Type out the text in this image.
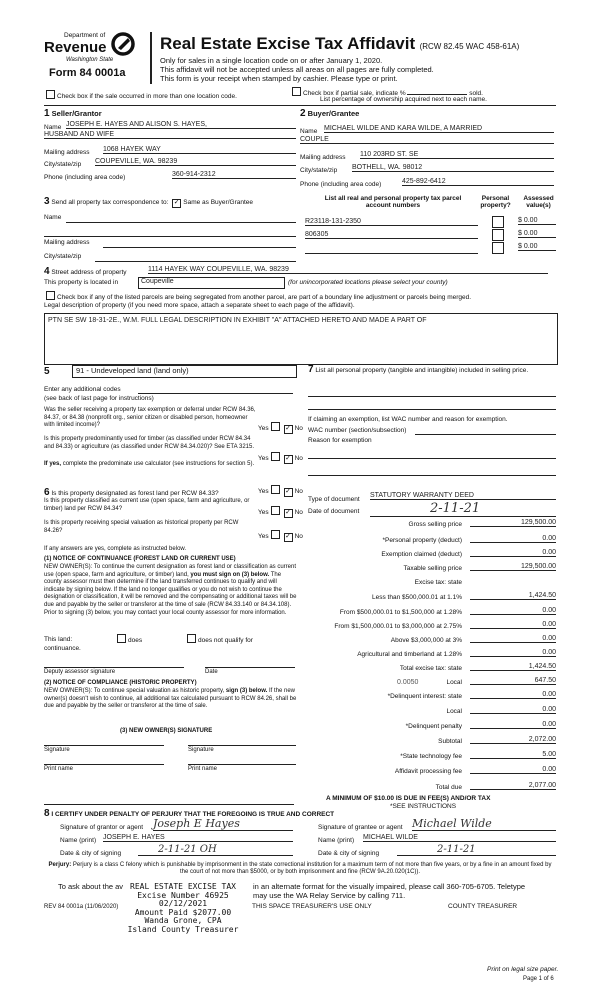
Department of
Revenue
Washington State
Form 84 0001a
Real Estate Excise Tax Affidavit (RCW 82.45 WAC 458-61A)
Only for sales in a single location code on or after January 1, 2020.
This affidavit will not be accepted unless all areas on all pages are fully completed.
This form is your receipt when stamped by cashier. Please type or print.
Check box if the sale occurred in more than one location code.	Check box if partial sale, indicate %	sold.
List percentage of ownership acquired next to each name.
1 Seller/Grantor
Name JOSEPH E. HAYES AND ALISON S. HAYES,
HUSBAND AND WIFE
Mailing address 1068 HAYEK WAY
City/state/zip COUPEVILLE, WA. 98239
Phone (including area code)	360-914-2312
2 Buyer/Grantee
Name MICHAEL WILDE AND KARA WILDE, A MARRIED
COUPLE
Mailing address 110 203RD ST. SE
City/state/zip BOTHELL, WA. 98012
Phone (including area code)	425-892-6412
3 Send all property tax correspondence to: ✓ Same as Buyer/Grantee
Name
Mailing address
City/state/zip
List all real and personal property tax parcel account numbers
Personal property?
Assessed value(s)
R23118-131-2350	$ 0.00
806305	$ 0.00
$ 0.00
4 Street address of property	1114 HAYEK WAY COUPEVILLE, WA. 98239
This property is located in	Coupeville	(for unincorporated locations please select your county)
Check box if any of the listed parcels are being segregated from another parcel, are part of a boundary line adjustment or parcels being merged.
Legal description of property (if you need more space, attach a separate sheet to each page of the affidavit).
PTN SE SW 18-31-2E., W.M. FULL LEGAL DESCRIPTION IN EXHIBIT "A" ATTACHED HERETO AND MADE A PART OF
5	91 - Undeveloped land (land only)
Enter any additional codes
(see back of last page for instructions)
Was the seller receiving a property tax exemption or deferral under RCW 84.36, 84.37, or 84.38 (nonprofit org., senior citizen or disabled person, homeowner with limited income)?	Yes ✓	No
Is this property predominantly used for timber (as classified under RCW 84.34 and 84.33) or agriculture (as classified under RCW 84.34.020)? See ETA 3215.
Yes ✓	No
If yes, complete the predominate use calculator (see instructions for section 5).
6 Is this property designated as forest land per RCW 84.33?	Yes ✓	No
Is this property classified as current use (open space, farm and agriculture, or timber) land per RCW 84.34?
Yes ✓	No
Is this property receiving special valuation as historical property per RCW 84.26?
Yes ✓	No
If any answers are yes, complete as instructed below.
(1) NOTICE OF CONTINUANCE (FOREST LAND OR CURRENT USE)
NEW OWNER(S): To continue the current designation as forest land or classification as current use (open space, farm and agriculture, or timber) land, you must sign on (3) below. The county assessor must then determine if the land transferred continues to qualify and will indicate by signing below. If the land no longer qualifies or you do not wish to continue the designation or classification, it will be removed and the compensating or additional taxes will be due and payable by the seller or transferor at the time of sale (RCW 84.33.140 or 84.34.108). Prior to signing (3) below, you may contact your local county assessor for more information.
This land:	does	does not qualify for
continuance.
Deputy assessor signature	Date
(2) NOTICE OF COMPLIANCE (HISTORIC PROPERTY)
NEW OWNER(S): To continue special valuation as historic property, sign (3) below. If the new owner(s) doesn't wish to continue, all additional tax calculated pursuant to RCW 84.26, shall be due and payable by the seller or transferor at the time of sale.
(3) NEW OWNER(S) SIGNATURE
Signature	Signature
Print name	Print name
7 List all personal property (tangible and intangible) included in selling price.
If claiming an exemption, list WAC number and reason for exemption.
WAC number (section/subsection)
Reason for exemption
Type of document
STATUTORY WARRANTY DEED
Date of document	2-11-21
Gross selling price	129,500.00
*Personal property (deduct)	0.00
Exemption claimed (deduct)	0.00
Taxable selling price	129,500.00
Excise tax: state
Less than $500,000.01 at 1.1%	1,424.50
From $500,000.01 to $1,500,000 at 1.28%	0.00
From $1,500,000.01 to $3,000,000 at 2.75%	0.00
Above $3,000,000 at 3%	0.00
Agricultural and timberland at 1.28%	0.00
Total excise tax: state	1,424.50
0.0050	Local	647.50
*Delinquent interest: state	0.00
Local	0.00
*Delinquent penalty	0.00
Subtotal	2,072.00
*State technology fee	5.00
Affidavit processing fee	0.00
Total due	2,077.00
A MINIMUM OF $10.00 IS DUE IN FEE(S) AND/OR TAX
*SEE INSTRUCTIONS
8 I CERTIFY UNDER PENALTY OF PERJURY THAT THE FOREGOING IS TRUE AND CORRECT
Signature of grantor or agent Joseph E Hayes
Name (print) JOSEPH E. HAYES
Date & city of signing	2-11-21 OH
Signature of grantee or agent Michael Wilde
Name (print) MICHAEL WILDE
Date & city of signing	2-11-21
Perjury: Perjury is a class C felony which is punishable by imprisonment in the state correctional institution for a maximum term of not more than five years, or by a fine in an amount fixed by the court of not more than $5000, or by both imprisonment and fine (RCW 9A.20.020(1C)).
To ask about the av	in an alternate format for the visually impaired, please call 360-705-6705. Teletype
may use the WA Relay Service by calling 711.
REAL ESTATE EXCISE TAX
Excise Number 46925
02/12/2021
Amount Paid $2077.00
Wanda Grone, CPA
Island County Treasurer
REV 84 0001a (11/06/2020)	THIS SPACE TREASURER'S USE ONLY	COUNTY TREASURER
Print on legal size paper.
Page 1 of 6
